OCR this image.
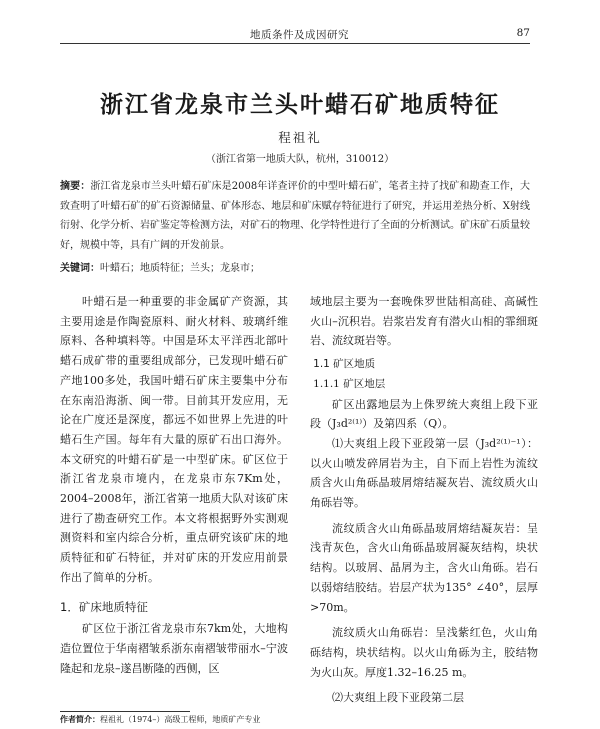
地质条件及成因研究	87
浙江省龙泉市兰头叶蜡石矿地质特征
程祖礼
（浙江省第一地质大队，杭州，310012）
摘要：浙江省龙泉市兰头叶蜡石矿床是2008年详查评价的中型叶蜡石矿，笔者主持了找矿和勘查工作，大致查明了叶蜡石矿的矿石资源储量、矿体形态、地层和矿床赋存特征进行了研究，并运用差热分析、X射线衍射、化学分析、岩矿鉴定等检测方法，对矿石的物理、化学特性进行了全面的分析测试。矿床矿石质量较好，规模中等，具有广阔的开发前景。
关键词：叶蜡石；地质特征；兰头；龙泉市；

叶蜡石是一种重要的非金属矿产资源，其主要用途是作陶瓷原料、耐火材料、玻璃纤维原料、各种填料等。中国是环太平洋西北部叶蜡石成矿带的重要组成部分，已发现叶蜡石矿产地100多处，我国叶蜡石矿床主要集中分布在东南沿海浙、闽一带。目前其开发应用，无论在广度还是深度，都远不如世界上先进的叶蜡石生产国。每年有大量的原矿石出口海外。本文研究的叶蜡石矿是一中型矿床。矿区位于浙江省龙泉市境内，在龙泉市东7Km处，2004–2008年，浙江省第一地质大队对该矿床进行了勘查研究工作。本文将根据野外实测观测资料和室内综合分析，重点研究该矿床的地质特征和矿石特征，并对矿床的开发应用前景作出了简单的分析。

1．矿床地质特征

矿区位于浙江省龙泉市东7km处，大地构造位置位于华南褶皱系浙东南褶皱带丽水–宁波隆起和龙泉–遂昌断隆的西侧，区

域地层主要为一套晚侏罗世陆相高硅、高碱性火山–沉积岩。岩浆岩发育有潜火山相的霏细斑岩、流纹斑岩等。

1.1 矿区地质

1.1.1 矿区地层

矿区出露地层为上侏罗统大爽组上段下亚段（J₃d²⁽¹⁾）及第四系（Q）。

⑴大爽组上段下亚段第一层（J₃d²⁽¹⁾⁻¹）：以火山喷发碎屑岩为主，自下而上岩性为流纹质含火山角砾晶玻屑熔结凝灰岩、流纹质火山角砾岩等。

流纹质含火山角砾晶玻屑熔结凝灰岩：呈浅青灰色，含火山角砾晶玻屑凝灰结构，块状结构。以玻屑、晶屑为主，含火山角砾。岩石以弱熔结胶结。岩层产状为135° ∠40°，层厚>70m。

流纹质火山角砾岩：呈浅紫红色，火山角砾结构，块状结构。以火山角砾为主，胶结物为火山灰。厚度1.32–16.25 m。

⑵大爽组上段下亚段第二层

作者简介：程祖礼（1974–）高级工程师，地质矿产专业
